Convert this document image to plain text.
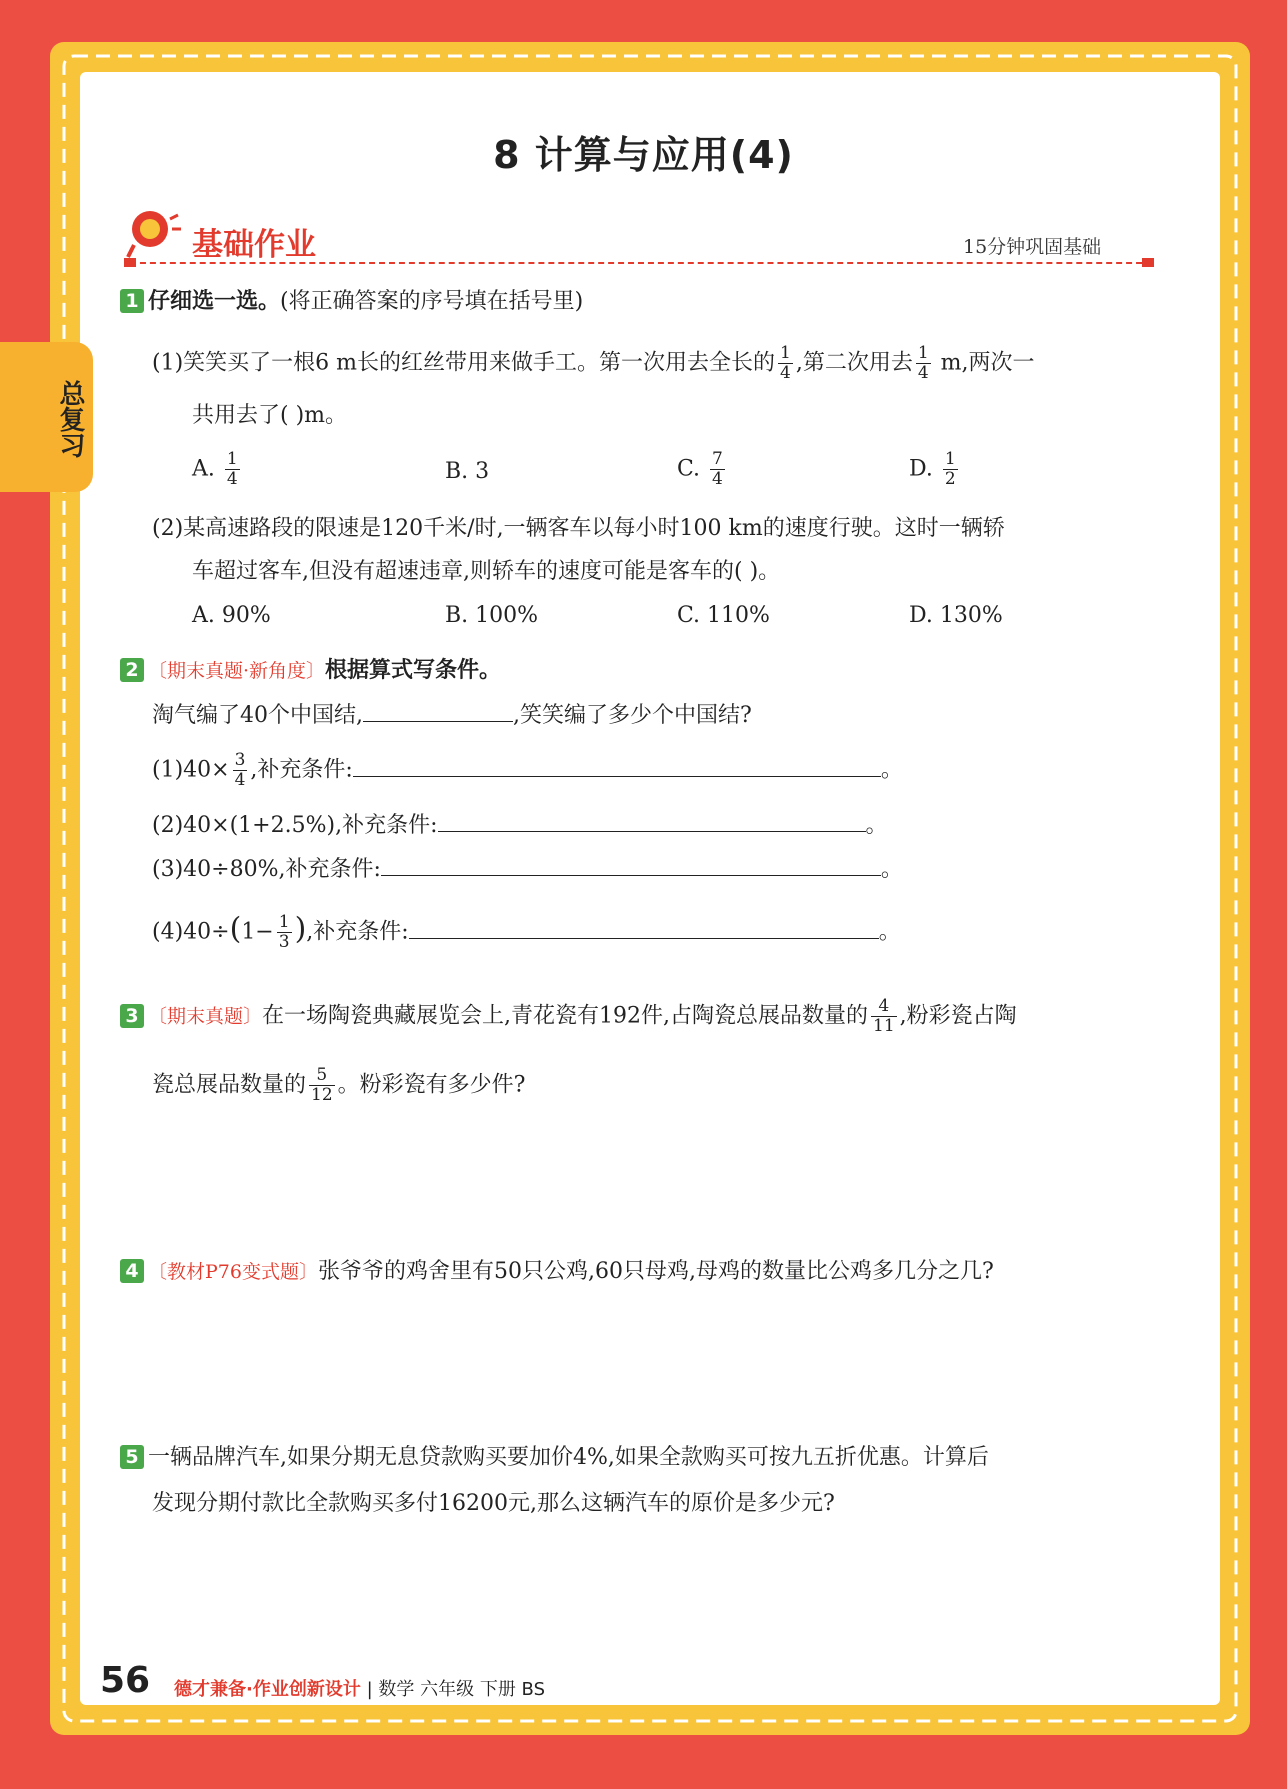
总复习
8 计算与应用(4)
基础作业	15分钟巩固基础
1 仔细选一选。(将正确答案的序号填在括号里)
(1)笑笑买了一根6 m长的红丝带用来做手工。第一次用去全长的 $\frac{1}{4}$ ,第二次用去 $\frac{1}{4} m$,两次一
共用去了( )m。
A. $\frac{1}{4}$	B. 3	C. $\frac{7}{4}$	D. $\frac{1}{2}$
(2)某高速路段的限速是120千米/时,一辆客车以每小时100 km的速度行驶。这时一辆轿
车超过客车,但没有超速违章,则轿车的速度可能是客车的( )。
A. 90%	B. 100%	C. 110%	D. 130%
2 〔期末真题·新角度〕根据算式写条件。
淘气编了40个中国结,	,笑笑编了多少个中国结?
$(1)40\times \frac{3}{4}$ ,补充条件:	。
(2)40×(1+2.5%),补充条件:	。
(3)40÷80%,补充条件:	。
$(4)40\div(1- \frac{1}{3}$ ),补充条件:	。
3 〔期末真题〕在一场陶瓷典藏展览会上,青花瓷有192件,占陶瓷总展品数量的 $\frac{4}{11}$ ,粉彩瓷占陶
瓷总展品数量的 $\frac{5}{12}$ 。粉彩瓷有多少件?
4 〔教材P76变式题〕张爷爷的鸡舍里有50只公鸡,60只母鸡,母鸡的数量比公鸡多几分之几?
5 一辆品牌汽车,如果分期无息贷款购买要加价4%,如果全款购买可按九五折优惠。计算后
发现分期付款比全款购买多付16200元,那么这辆汽车的原价是多少元?
56 德才兼备·作业创新设计 | 数学 六年级 下册 BS
